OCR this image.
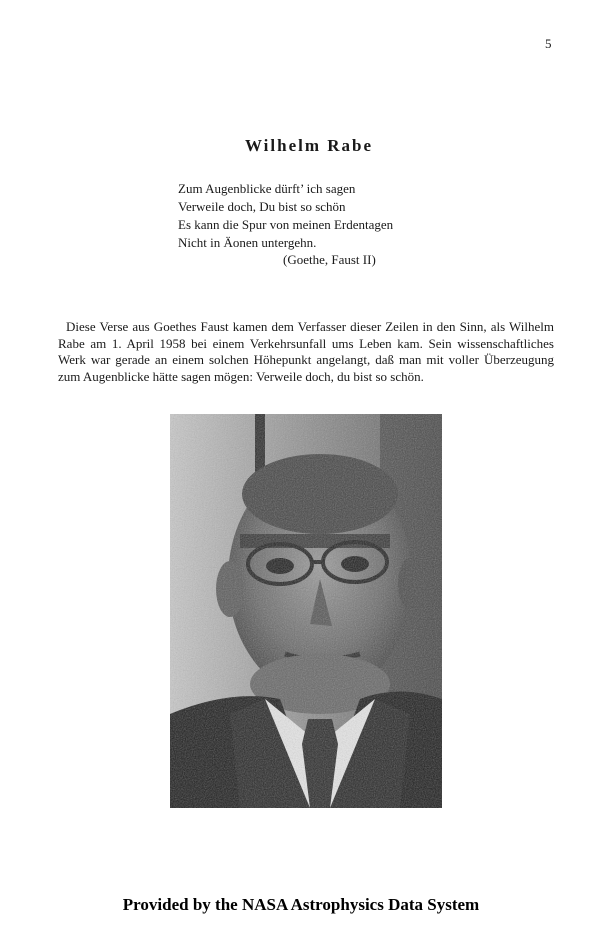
5
Wilhelm Rabe
Zum Augenblicke dürft’ ich sagen
Verweile doch, Du bist so schön
Es kann die Spur von meinen Erdentagen
Nicht in Äonen untergehn.
(Goethe, Faust II)

Diese Verse aus Goethes Faust kamen dem Verfasser dieser Zeilen in den Sinn, als Wilhelm Rabe am 1. April 1958 bei einem Verkehrsunfall ums Leben kam. Sein wissenschaftliches Werk war gerade an einem solchen Höhepunkt angelangt, daß man mit voller Überzeugung zum Augenblicke hätte sagen mögen: Verweile doch, du bist so schön.

Provided by the NASA Astrophysics Data System
